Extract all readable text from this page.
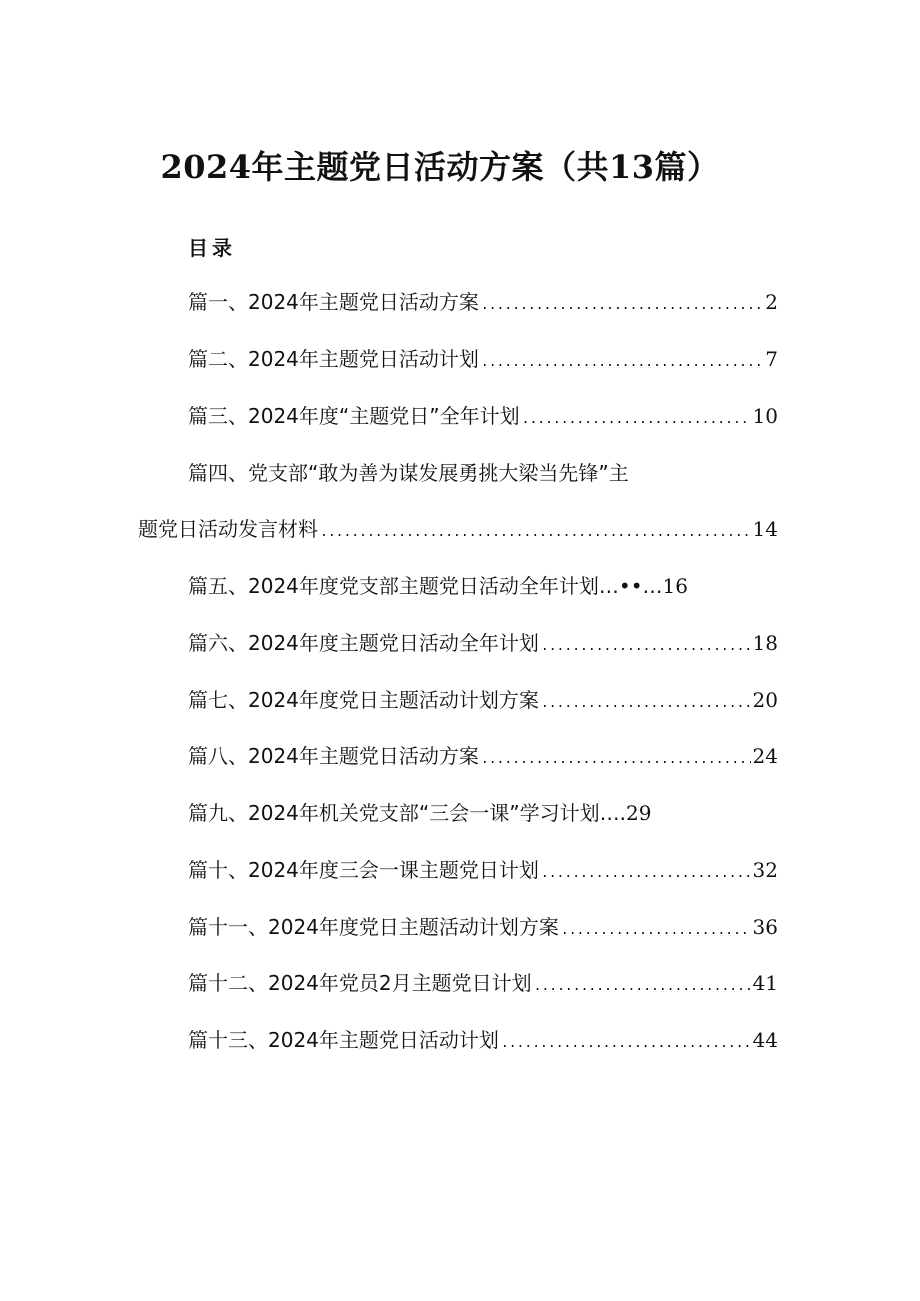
2024年主题党日活动方案（共13篇）
目录
篇一、2024年主题党日活动方案 .....	2
篇二、2024年主题党日活动计划 .....	7
篇三、2024年度“主题党日”全年计划 .....	10
篇四、党支部“敢为善为谋发展勇挑大梁当先锋”主
题党日活动发言材料 .....	14
篇五、2024年度党支部主题党日活动全年计划…••…16
篇六、2024年度主题党日活动全年计划 .....	18
篇七、2024年度党日主题活动计划方案 .....	20
篇八、2024年主题党日活动方案 .....	24
篇九、2024年机关党支部“三会一课”学习计划….29
篇十、2024年度三会一课主题党日计划 .....	32
篇十一、2024年度党日主题活动计划方案 .....	36
篇十二、2024年党员2月主题党日计划 .....	41
篇十三、2024年主题党日活动计划 .....	44
